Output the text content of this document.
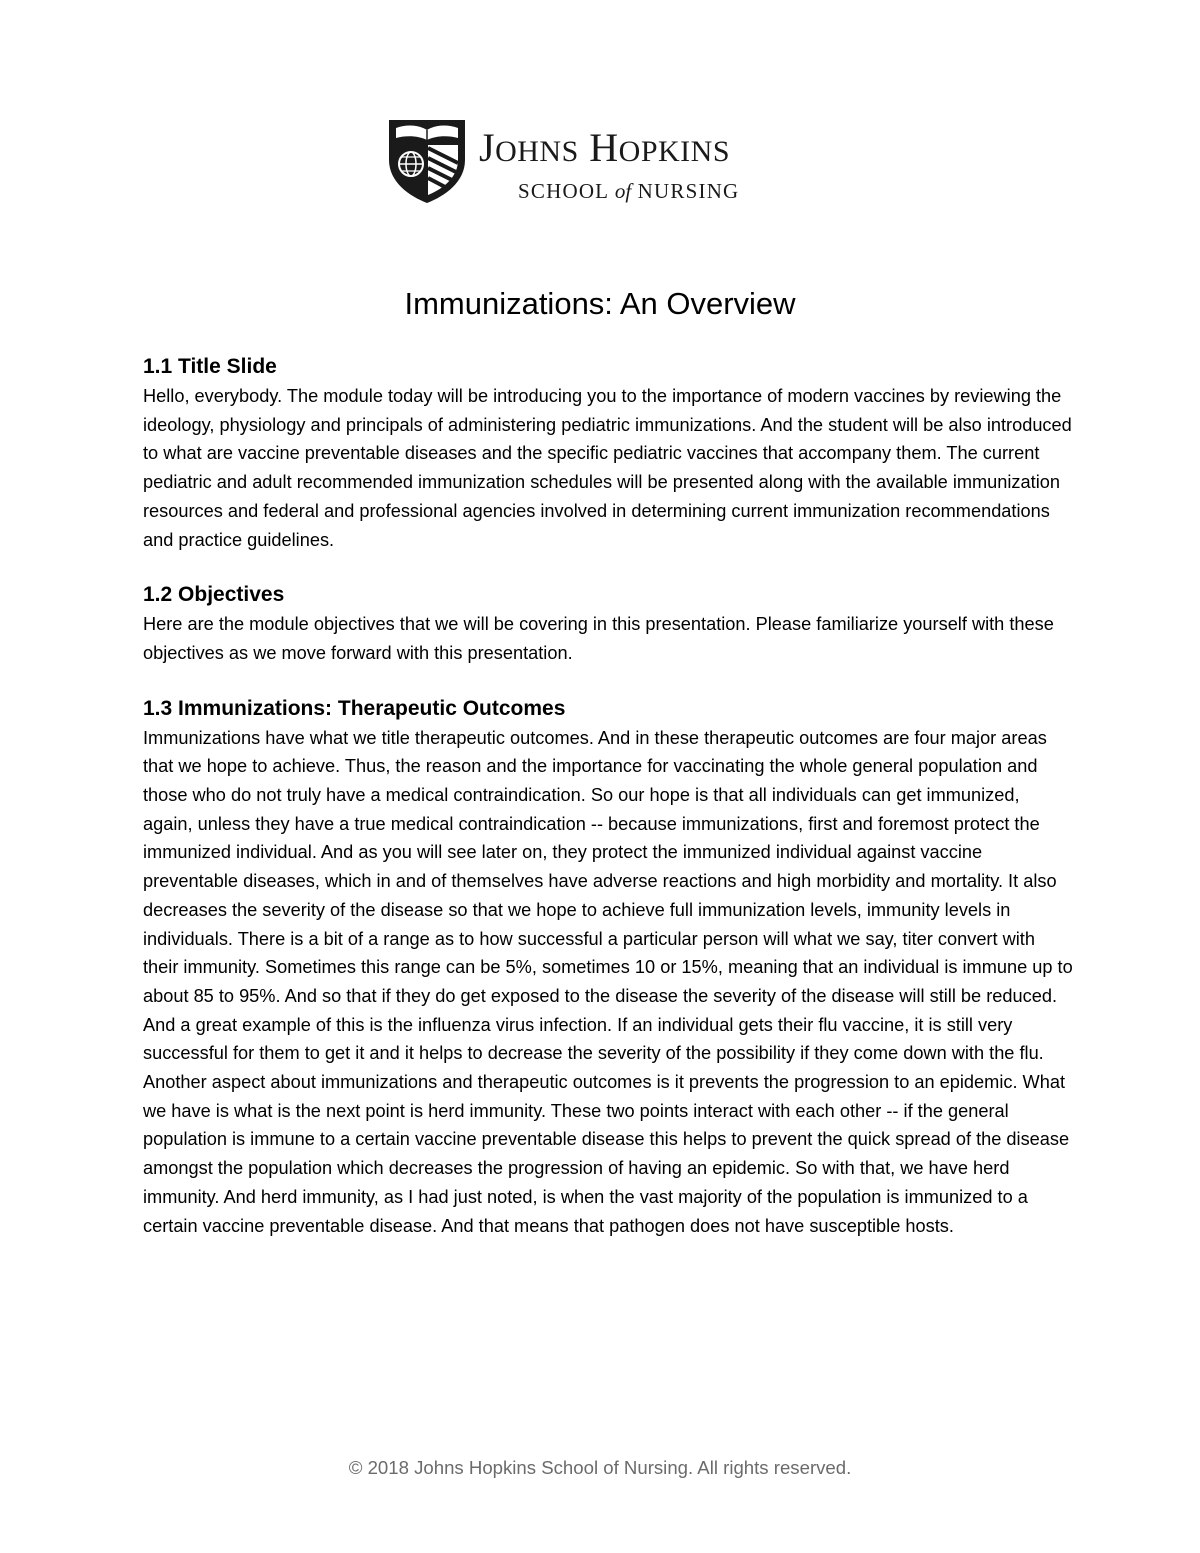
JOHNS HOPKINS
SCHOOL of NURSING
Immunizations: An Overview
1.1 Title Slide

Hello, everybody. The module today will be introducing you to the importance of modern vaccines by reviewing the ideology, physiology and principals of administering pediatric immunizations. And the student will be also introduced to what are vaccine preventable diseases and the specific pediatric vaccines that accompany them. The current pediatric and adult recommended immunization schedules will be presented along with the available immunization resources and federal and professional agencies involved in determining current immunization recommendations and practice guidelines.

1.2 Objectives

Here are the module objectives that we will be covering in this presentation. Please familiarize yourself with these objectives as we move forward with this presentation.

1.3 Immunizations: Therapeutic Outcomes

Immunizations have what we title therapeutic outcomes. And in these therapeutic outcomes are four major areas that we hope to achieve. Thus, the reason and the importance for vaccinating the whole general population and those who do not truly have a medical contraindication. So our hope is that all individuals can get immunized, again, unless they have a true medical contraindication -- because immunizations, first and foremost protect the immunized individual. And as you will see later on, they protect the immunized individual against vaccine preventable diseases, which in and of themselves have adverse reactions and high morbidity and mortality. It also decreases the severity of the disease so that we hope to achieve full immunization levels, immunity levels in individuals. There is a bit of a range as to how successful a particular person will what we say, titer convert with their immunity. Sometimes this range can be 5%, sometimes 10 or 15%, meaning that an individual is immune up to about 85 to 95%. And so that if they do get exposed to the disease the severity of the disease will still be reduced. And a great example of this is the influenza virus infection. If an individual gets their flu vaccine, it is still very successful for them to get it and it helps to decrease the severity of the possibility if they come down with the flu. Another aspect about immunizations and therapeutic outcomes is it prevents the progression to an epidemic. What we have is what is the next point is herd immunity. These two points interact with each other -- if the general population is immune to a certain vaccine preventable disease this helps to prevent the quick spread of the disease amongst the population which decreases the progression of having an epidemic. So with that, we have herd immunity. And herd immunity, as I had just noted, is when the vast majority of the population is immunized to a certain vaccine preventable disease. And that means that pathogen does not have susceptible hosts.

© 2018 Johns Hopkins School of Nursing. All rights reserved.
